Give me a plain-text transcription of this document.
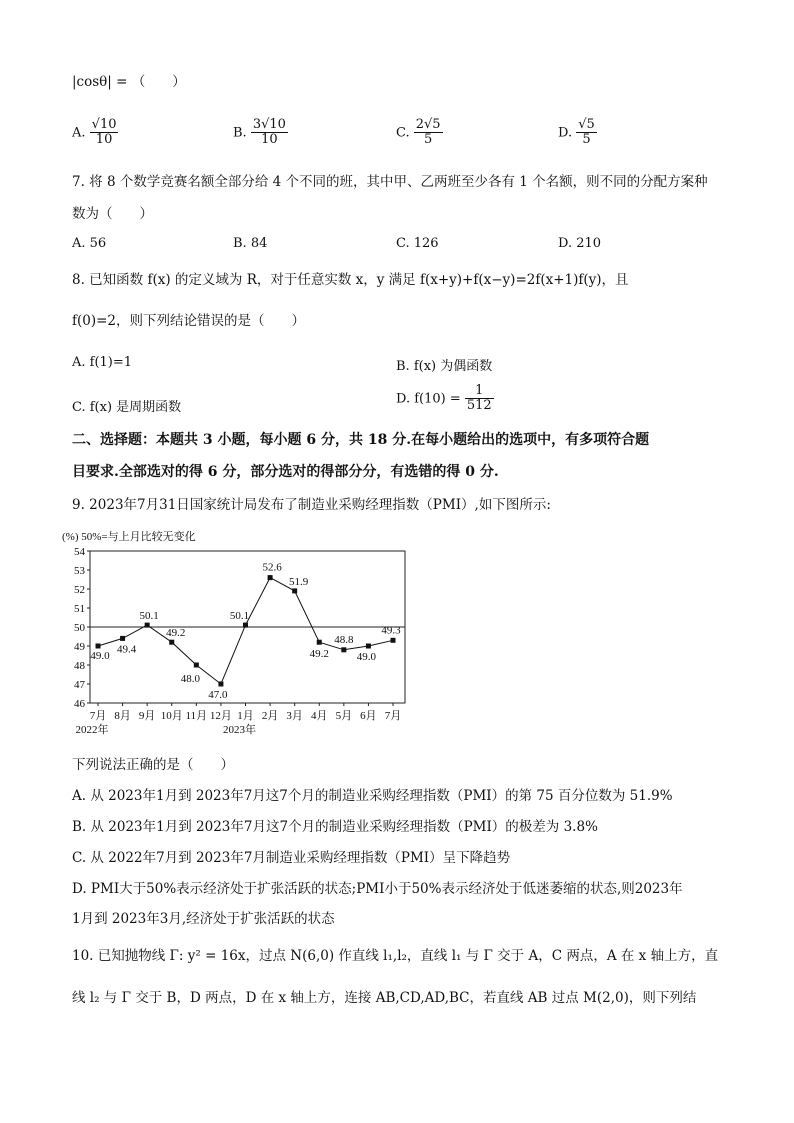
|cosθ| = （　　）
A. $\frac{√10}{10}$	B. $\frac{3√10}{10}$	C. $\frac{2√5}{5}$	D. $\frac{√5}{5}$
7. 将 8 个数学竞赛名额全部分给 4 个不同的班，其中甲、乙两班至少各有 1 个名额，则不同的分配方案种
数为（　　）
A. 56	B. 84	C. 126	D. 210
8. 已知函数 f(x) 的定义域为 R，对于任意实数 x，y 满足 f(x+y)+f(x−y)=2f(x+1)f(y)，且
f(0)=2，则下列结论错误的是（　　）
A. f(1)=1	B. f(x) 为偶函数
C. f(x) 是周期函数
D. $f(10) = \frac{1}{512}$
二、选择题：本题共 3 小题，每小题 6 分，共 18 分.在每小题给出的选项中，有多项符合题
目要求.全部选对的得 6 分，部分选对的得部分分，有选错的得 0 分.
9. 2023年7月31日国家统计局发布了制造业采购经理指数（PMI）,如下图所示:
(%) 50%=与上月比较无变化
46
47
48
49
50
51
52
53
54
7月 8月 9月 10月 11月 12月 1月 2月 3月 4月 5月 6月 7月
2022年	2023年
49.0
49.4
50.1
49.2
48.0
47.0
50.1
52.6
51.9
49.2
48.8
49.0
49.3
下列说法正确的是（　　）
A. 从 2023年1月到 2023年7月这7个月的制造业采购经理指数（PMI）的第 75 百分位数为 51.9%
B. 从 2023年1月到 2023年7月这7个月的制造业采购经理指数（PMI）的极差为 3.8%
C. 从 2022年7月到 2023年7月制造业采购经理指数（PMI）呈下降趋势
D. PMI大于50%表示经济处于扩张活跃的状态;PMI小于50%表示经济处于低迷萎缩的状态,则2023年
1月到 2023年3月,经济处于扩张活跃的状态
10. 已知抛物线 Γ: y² = 16x，过点 N(6,0) 作直线 l₁,l₂，直线 l₁ 与 Γ 交于 A，C 两点，A 在 x 轴上方，直
线 l₂ 与 Γ 交于 B，D 两点，D 在 x 轴上方，连接 AB,CD,AD,BC，若直线 AB 过点 M(2,0)，则下列结
